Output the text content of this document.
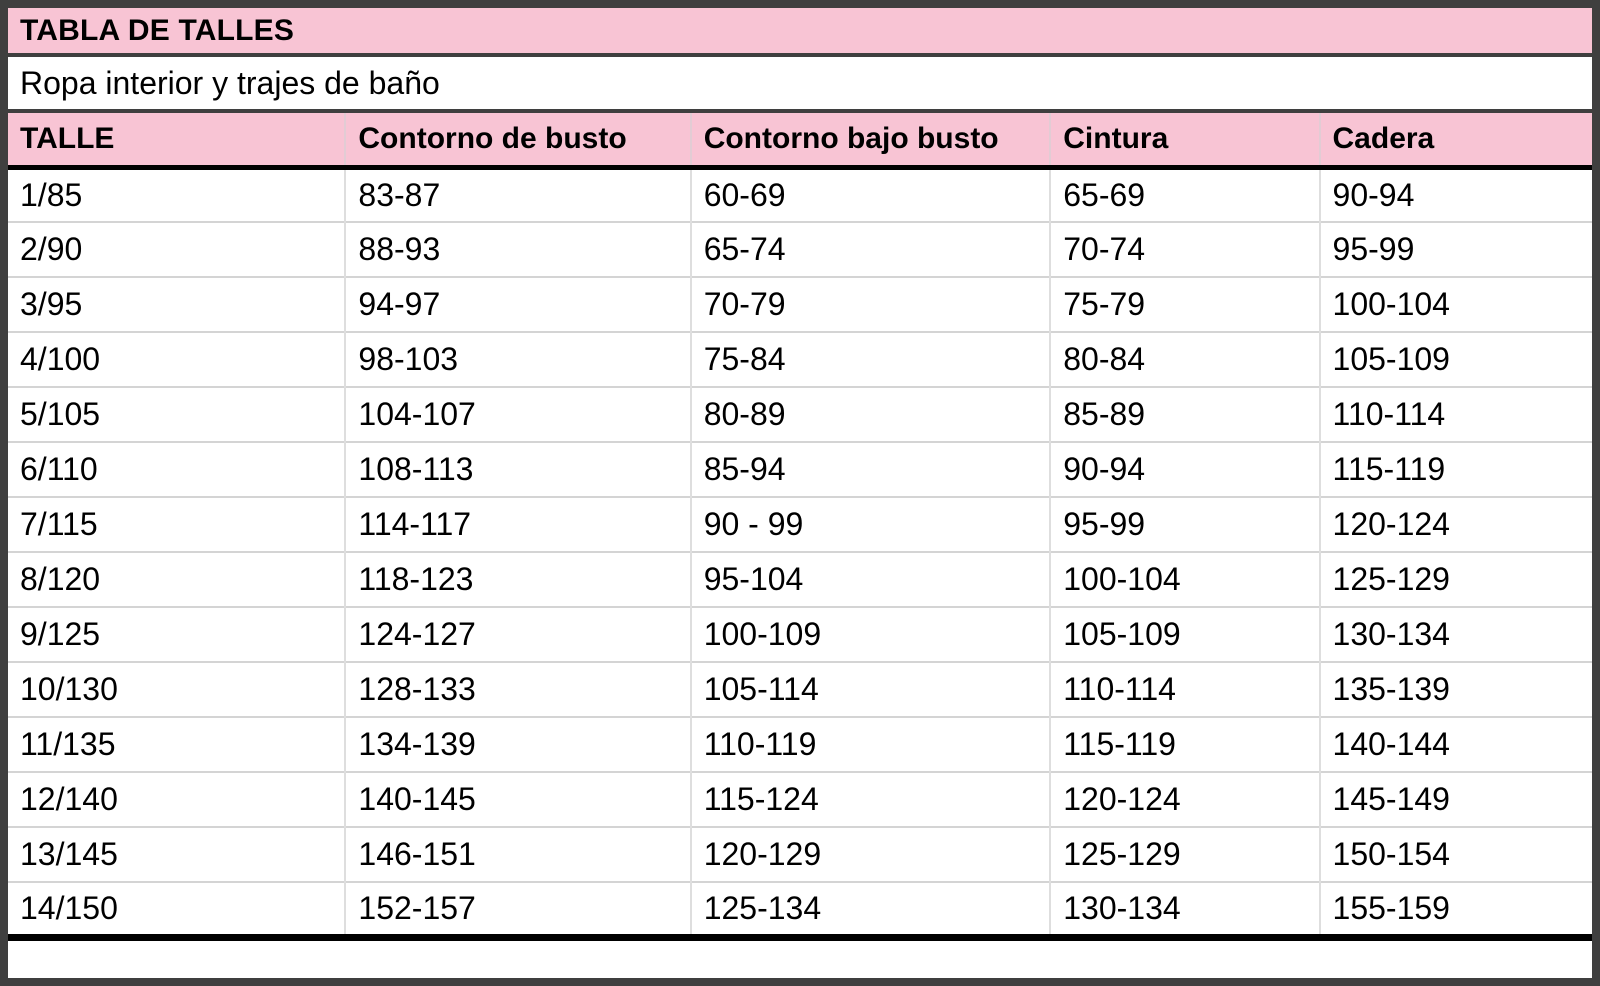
TABLA DE TALLES
Ropa interior y trajes de baño
TALLE	Contorno de busto	Contorno bajo busto	Cintura	Cadera
1/85	83-87	60-69	65-69	90-94
2/90	88-93	65-74	70-74	95-99
3/95	94-97	70-79	75-79	100-104
4/100	98-103	75-84	80-84	105-109
5/105	104-107	80-89	85-89	110-114
6/110	108-113	85-94	90-94	115-119
7/115	114-117	90 - 99	95-99	120-124
8/120	118-123	95-104	100-104	125-129
9/125	124-127	100-109	105-109	130-134
10/130	128-133	105-114	110-114	135-139
11/135	134-139	110-119	115-119	140-144
12/140	140-145	115-124	120-124	145-149
13/145	146-151	120-129	125-129	150-154
14/150	152-157	125-134	130-134	155-159
